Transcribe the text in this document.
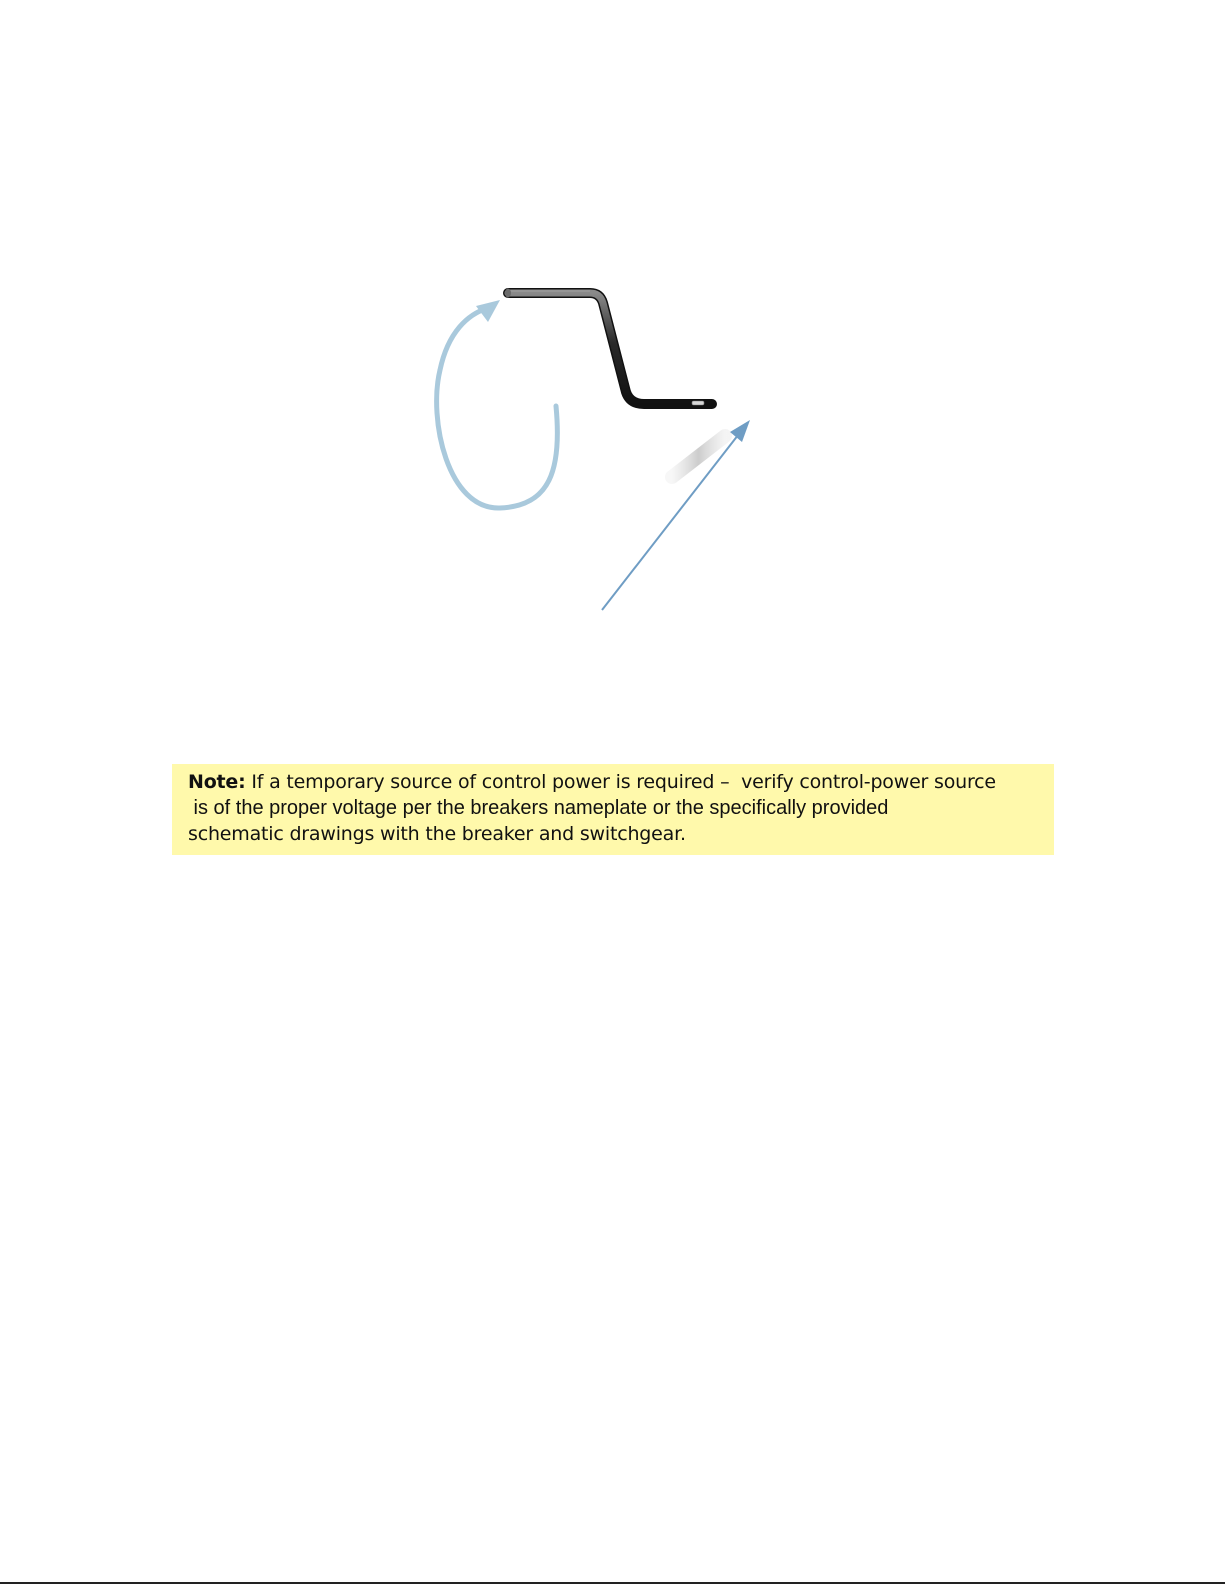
Note: If a temporary source of control power is required –  verify control-power source
is of the proper voltage per the breakers nameplate or the specifically provided
schematic drawings with the breaker and switchgear.
